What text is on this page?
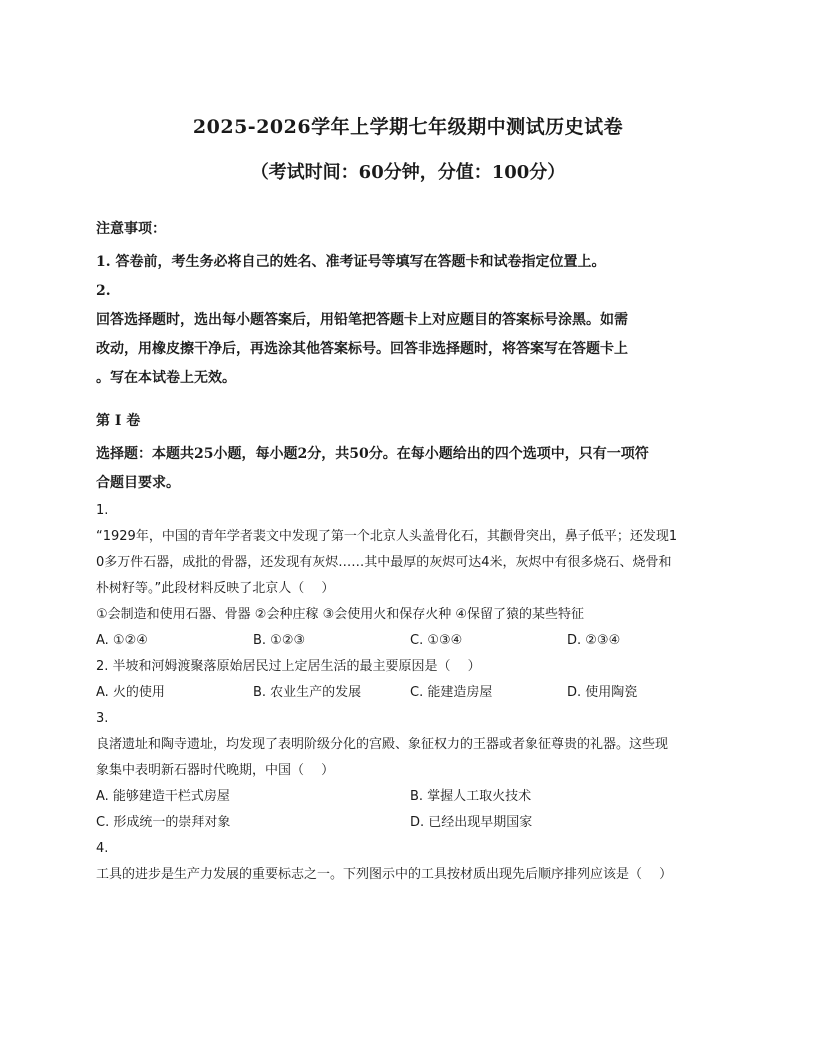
2025-2026学年上学期七年级期中测试历史试卷
（考试时间：60分钟，分值：100分）
注意事项：
1. 答卷前，考生务必将自己的姓名、准考证号等填写在答题卡和试卷指定位置上。
2.
回答选择题时，选出每小题答案后，用铅笔把答题卡上对应题目的答案标号涂黑。如需
改动，用橡皮擦干净后，再选涂其他答案标号。回答非选择题时，将答案写在答题卡上
。写在本试卷上无效。
第 I 卷
选择题：本题共25小题，每小题2分，共50分。在每小题给出的四个选项中，只有一项符
合题目要求。
1.
“1929年，中国的青年学者裴文中发现了第一个北京人头盖骨化石，其颧骨突出，鼻子低平；还发现1
0多万件石器，成批的骨器，还发现有灰烬……其中最厚的灰烬可达4米，灰烬中有很多烧石、烧骨和
朴树籽等。”此段材料反映了北京人（　 ）
①会制造和使用石器、骨器 ②会种庄稼 ③会使用火和保存火种 ④保留了猿的某些特征
A. ①②④	B. ①②③	C. ①③④	D. ②③④
2. 半坡和河姆渡聚落原始居民过上定居生活的最主要原因是（　 ）
A. 火的使用	B. 农业生产的发展	C. 能建造房屋	D. 使用陶瓷
3.
良渚遗址和陶寺遗址，均发现了表明阶级分化的宫殿、象征权力的王器或者象征尊贵的礼器。这些现
象集中表明新石器时代晚期，中国（　 ）
A. 能够建造干栏式房屋	B. 掌握人工取火技术
C. 形成统一的崇拜对象	D. 已经出现早期国家
4.
工具的进步是生产力发展的重要标志之一。下列图示中的工具按材质出现先后顺序排列应该是（　 ）
